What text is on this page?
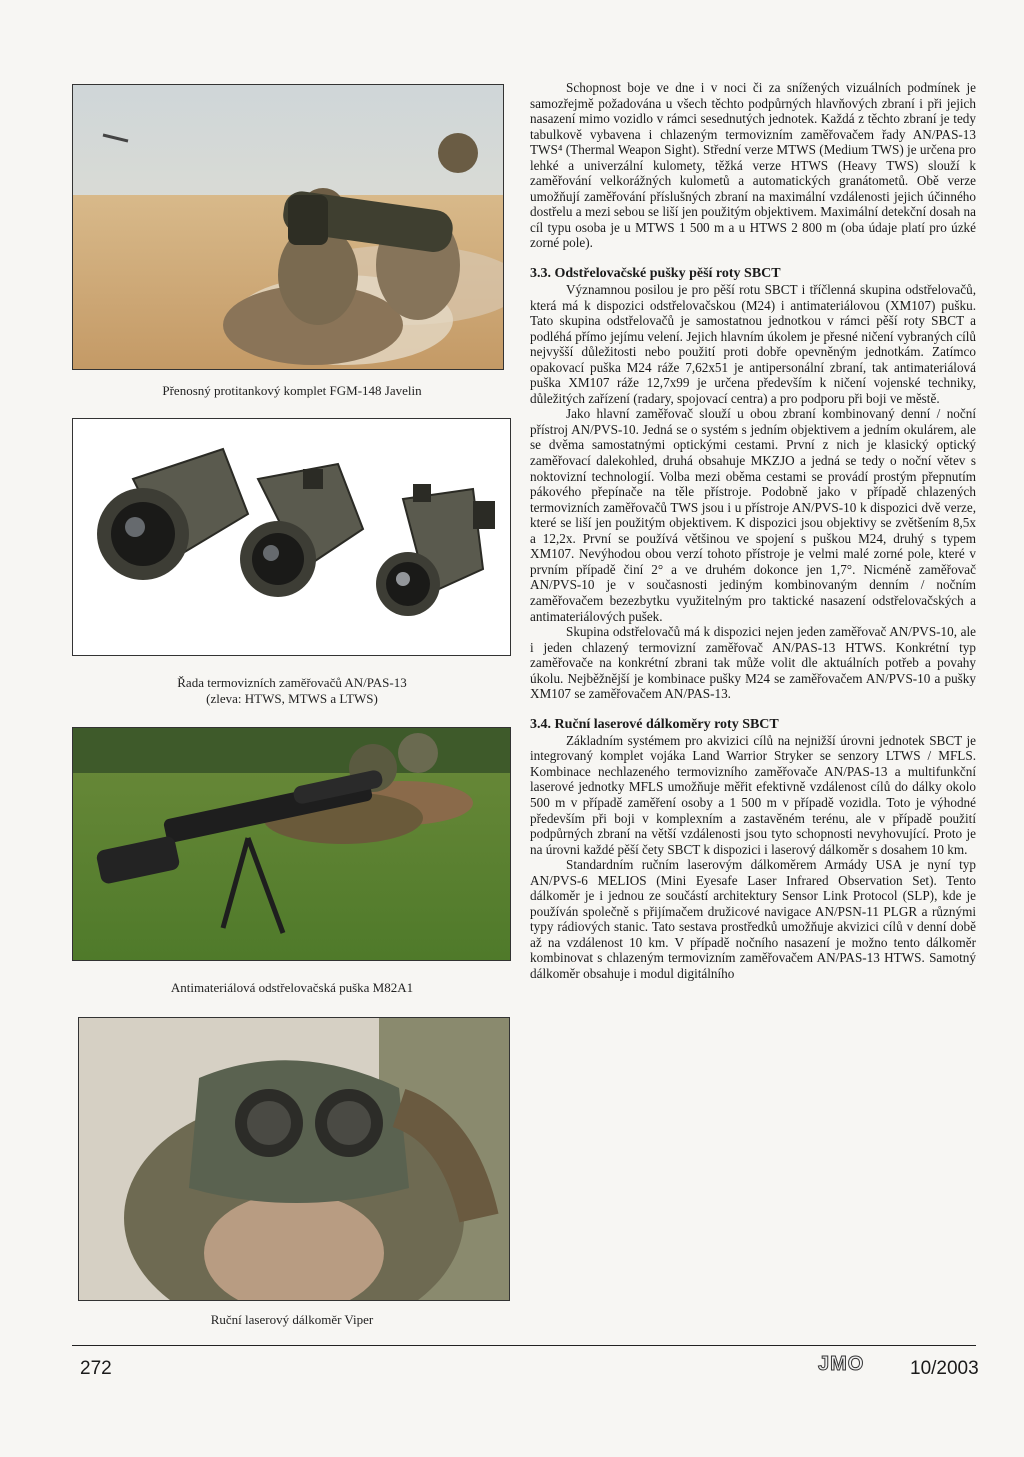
Přenosný protitankový komplet FGM-148 Javelin
Řada termovizních zaměřovačů AN/PAS-13
(zleva: HTWS, MTWS a LTWS)
Antimateriálová odstřelovačská puška M82A1
Ruční laserový dálkoměr Viper

Schopnost boje ve dne i v noci či za snížených vizuálních podmínek je samozřejmě požadována u všech těchto podpůrných hlavňových zbraní i při jejich nasazení mimo vozidlo v rámci sesednutých jednotek. Každá z těchto zbraní je tedy tabulkově vybavena i chlazeným termovizním zaměřovačem řady AN/PAS-13 TWS⁴ (Thermal Weapon Sight). Střední verze MTWS (Medium TWS) je určena pro lehké a univerzální kulomety, těžká verze HTWS (Heavy TWS) slouží k zaměřování velkorážných kulometů a automatických granátometů. Obě verze umožňují zaměřování příslušných zbraní na maximální vzdálenosti jejich účinného dostřelu a mezi sebou se liší jen použitým objektivem. Maximální detekční dosah na cíl typu osoba je u MTWS 1 500 m a u HTWS 2 800 m (oba údaje platí pro úzké zorné pole).

3.3. Odstřelovačské pušky pěší roty SBCT

Významnou posilou je pro pěší rotu SBCT i tříčlenná skupina odstřelovačů, která má k dispozici odstřelovačskou (M24) i antimateriálovou (XM107) pušku. Tato skupina odstřelovačů je samostatnou jednotkou v rámci pěší roty SBCT a podléhá přímo jejímu velení. Jejich hlavním úkolem je přesné ničení vybraných cílů nejvyšší důležitosti nebo použití proti dobře opevněným jednotkám. Zatímco opakovací puška M24 ráže 7,62x51 je antipersonální zbraní, tak antimateriálová puška XM107 ráže 12,7x99 je určena především k ničení vojenské techniky, důležitých zařízení (radary, spojovací centra) a pro podporu při boji ve městě.

Jako hlavní zaměřovač slouží u obou zbraní kombinovaný denní / noční přístroj AN/PVS-10. Jedná se o systém s jedním objektivem a jedním okulárem, ale se dvěma samostatnými optickými cestami. První z nich je klasický optický zaměřovací dalekohled, druhá obsahuje MKZJO a jedná se tedy o noční větev s noktovizní technologií. Volba mezi oběma cestami se provádí prostým přepnutím pákového přepínače na těle přístroje. Podobně jako v případě chlazených termovizních zaměřovačů TWS jsou i u přístroje AN/PVS-10 k dispozici dvě verze, které se liší jen použitým objektivem. K dispozici jsou objektivy se zvětšením 8,5x a 12,2x. První se používá většinou ve spojení s puškou M24, druhý s typem XM107. Nevýhodou obou verzí tohoto přístroje je velmi malé zorné pole, které v prvním případě činí 2° a ve druhém dokonce jen 1,7°. Nicméně zaměřovač AN/PVS-10 je v současnosti jediným kombinovaným denním / nočním zaměřovačem bezezbytku využitelným pro taktické nasazení odstřelovačských a antimateriálových pušek.

Skupina odstřelovačů má k dispozici nejen jeden zaměřovač AN/PVS-10, ale i jeden chlazený termovizní zaměřovač AN/PAS-13 HTWS. Konkrétní typ zaměřovače na konkrétní zbrani tak může volit dle aktuálních potřeb a povahy úkolu. Nejběžnější je kombinace pušky M24 se zaměřovačem AN/PVS-10 a pušky XM107 se zaměřovačem AN/PAS-13.

3.4. Ruční laserové dálkoměry roty SBCT

Základním systémem pro akvizici cílů na nejnižší úrovni jednotek SBCT je integrovaný komplet vojáka Land Warrior Stryker se senzory LTWS / MFLS. Kombinace nechlazeného termovizního zaměřovače AN/PAS-13 a multifunkční laserové jednotky MFLS umožňuje měřit efektivně vzdálenost cílů do dálky okolo 500 m v případě zaměření osoby a 1 500 m v případě vozidla. Toto je výhodné především při boji v komplexním a zastavěném terénu, ale v případě použití podpůrných zbraní na větší vzdálenosti jsou tyto schopnosti nevyhovující. Proto je na úrovni každé pěší čety SBCT k dispozici i laserový dálkoměr s dosahem 10 km.

Standardním ručním laserovým dálkoměrem Armády USA je nyní typ AN/PVS-6 MELIOS (Mini Eyesafe Laser Infrared Observation Set). Tento dálkoměr je i jednou ze součástí architektury Sensor Link Protocol (SLP), kde je používán společně s přijímačem družicové navigace AN/PSN-11 PLGR a různými typy rádiových stanic. Tato sestava prostředků umožňuje akvizici cílů v denní době až na vzdálenost 10 km. V případě nočního nasazení je možno tento dálkoměr kombinovat s chlazeným termovizním zaměřovačem AN/PAS-13 HTWS. Samotný dálkoměr obsahuje i modul digitálního

272	JMO 10/2003
